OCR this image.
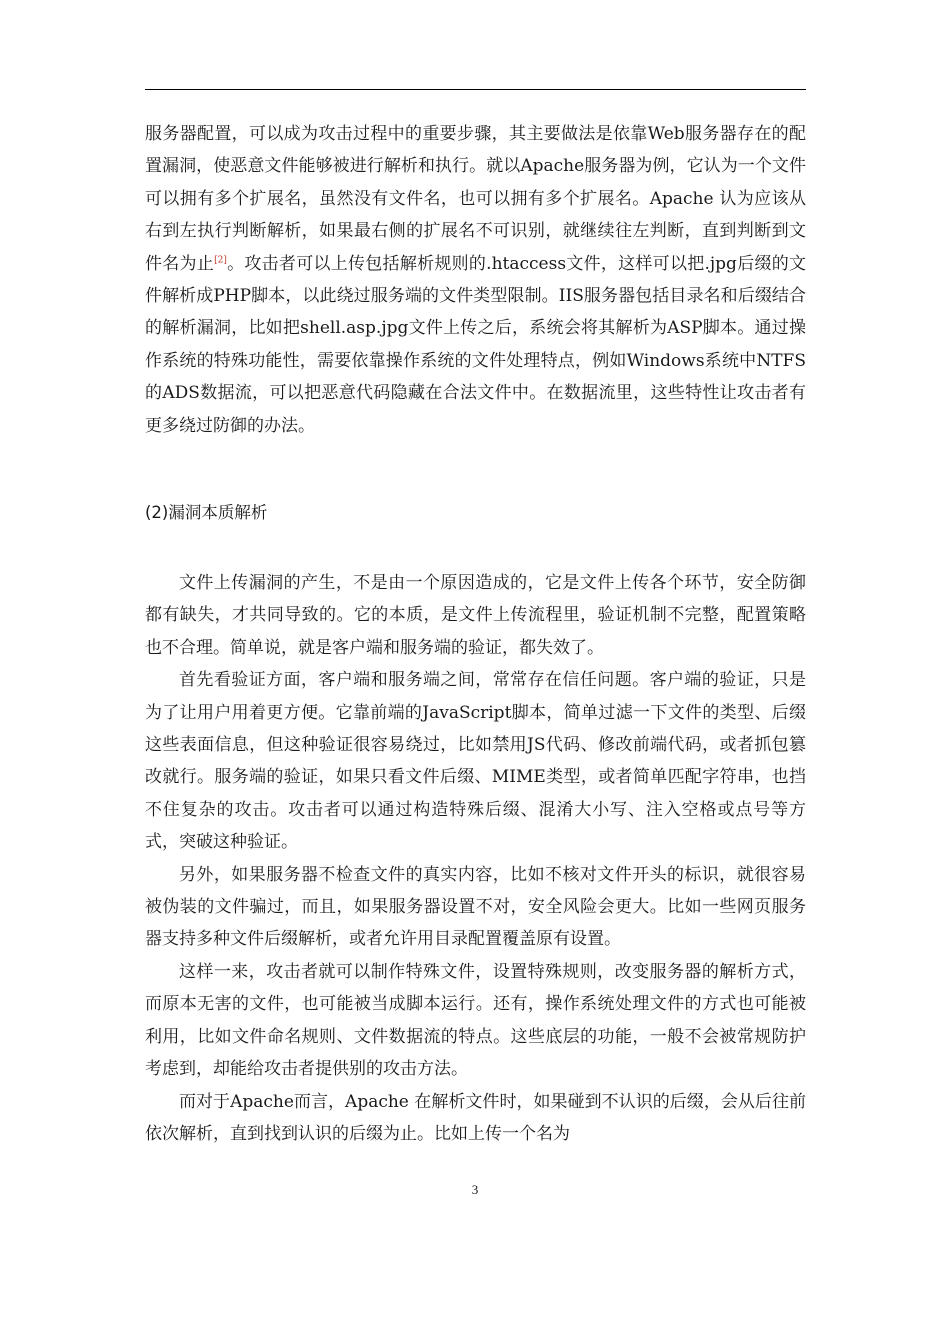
服务器配置，可以成为攻击过程中的重要步骤，其主要做法是依靠Web服务器存在的配置漏洞，使恶意文件能够被进行解析和执行。就以Apache服务器为例，它认为一个文件可以拥有多个扩展名，虽然没有文件名，也可以拥有多个扩展名。Apache 认为应该从右到左执行判断解析，如果最右侧的扩展名不可识别，就继续往左判断，直到判断到文件名为止[2]。攻击者可以上传包括解析规则的.htaccess文件，这样可以把.jpg后缀的文件解析成PHP脚本，以此绕过服务端的文件类型限制。IIS服务器包括目录名和后缀结合的解析漏洞，比如把shell.asp.jpg文件上传之后，系统会将其解析为ASP脚本。通过操作系统的特殊功能性，需要依靠操作系统的文件处理特点，例如Windows系统中NTFS的ADS数据流，可以把恶意代码隐藏在合法文件中。在数据流里，这些特性让攻击者有更多绕过防御的办法。

(2)漏洞本质解析

文件上传漏洞的产生，不是由一个原因造成的，它是文件上传各个环节，安全防御都有缺失，才共同导致的。它的本质，是文件上传流程里，验证机制不完整，配置策略也不合理。简单说，就是客户端和服务端的验证，都失效了。

首先看验证方面，客户端和服务端之间，常常存在信任问题。客户端的验证，只是为了让用户用着更方便。它靠前端的JavaScript脚本，简单过滤一下文件的类型、后缀这些表面信息，但这种验证很容易绕过，比如禁用JS代码、修改前端代码，或者抓包篡改就行。服务端的验证，如果只看文件后缀、MIME类型，或者简单匹配字符串，也挡不住复杂的攻击。攻击者可以通过构造特殊后缀、混淆大小写、注入空格或点号等方式，突破这种验证。

另外，如果服务器不检查文件的真实内容，比如不核对文件开头的标识，就很容易被伪装的文件骗过，而且，如果服务器设置不对，安全风险会更大。比如一些网页服务器支持多种文件后缀解析，或者允许用目录配置覆盖原有设置。

这样一来，攻击者就可以制作特殊文件，设置特殊规则，改变服务器的解析方式，而原本无害的文件，也可能被当成脚本运行。还有，操作系统处理文件的方式也可能被利用，比如文件命名规则、文件数据流的特点。这些底层的功能，一般不会被常规防护考虑到，却能给攻击者提供别的攻击方法。

而对于Apache而言，Apache 在解析文件时，如果碰到不认识的后缀，会从后往前依次解析，直到找到认识的后缀为止。比如上传一个名为

3
